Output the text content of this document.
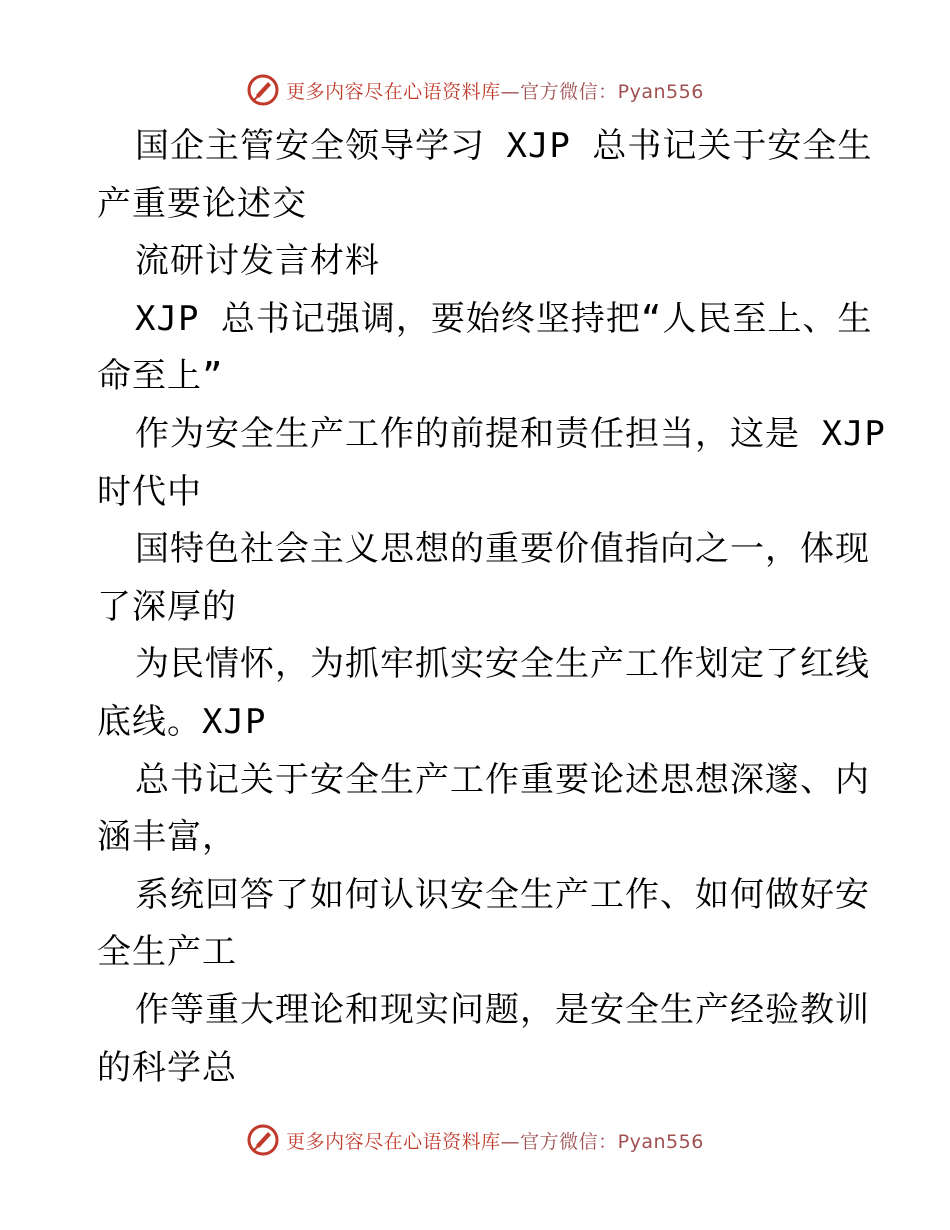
更多内容尽在心语资料库—官方微信：Pyan556
国企主管安全领导学习 XJP 总书记关于安全生
产重要论述交
流研讨发言材料
XJP 总书记强调，要始终坚持把“人民至上、生
命至上”
作为安全生产工作的前提和责任担当，这是 XJP
时代中
国特色社会主义思想的重要价值指向之一，体现
了深厚的
为民情怀，为抓牢抓实安全生产工作划定了红线
底线。XJP
总书记关于安全生产工作重要论述思想深邃、内
涵丰富，
系统回答了如何认识安全生产工作、如何做好安
全生产工
作等重大理论和现实问题，是安全生产经验教训
的科学总
更多内容尽在心语资料库—官方微信：Pyan556
